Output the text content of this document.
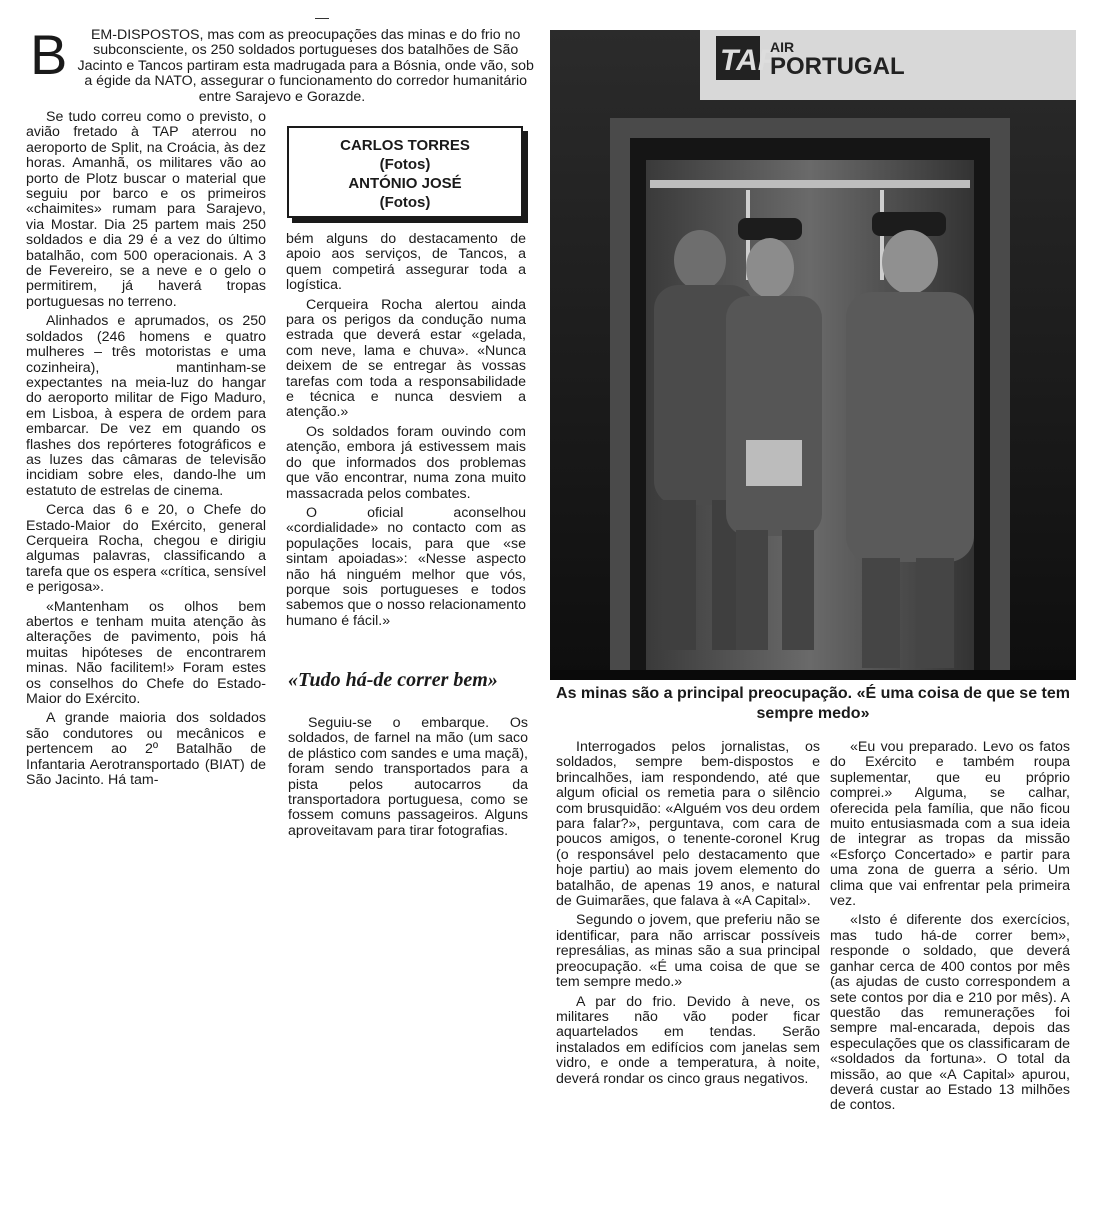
B	EM-DISPOSTOS, mas com as preocupações das minas e do frio no subconsciente, os 250 soldados portugueses dos batalhões de São Jacinto e Tancos partiram esta madrugada para a Bósnia, onde vão, sob a égide da NATO, assegurar o funcionamento do corredor humanitário entre Sarajevo e Gorazde.

Se tudo correu como o previsto, o avião fretado à TAP aterrou no aeroporto de Split, na Croácia, às dez horas. Amanhã, os militares vão ao porto de Plotz buscar o material que seguiu por barco e os primeiros «chaimites» rumam para Sarajevo, via Mostar. Dia 25 partem mais 250 soldados e dia 29 é a vez do último batalhão, com 500 operacionais. A 3 de Fevereiro, se a neve e o gelo o permitirem, já haverá tropas portuguesas no terreno.

Alinhados e aprumados, os 250 soldados (246 homens e quatro mulheres – três motoristas e uma cozinheira), mantinham-se expectantes na meia-luz do hangar do aeroporto militar de Figo Maduro, em Lisboa, à espera de ordem para embarcar. De vez em quando os flashes dos repórteres fotográficos e as luzes das câmaras de televisão incidiam sobre eles, dando-lhe um estatuto de estrelas de cinema.

Cerca das 6 e 20, o Chefe do Estado-Maior do Exército, general Cerqueira Rocha, chegou e dirigiu algumas palavras, classificando a tarefa que os espera «crítica, sensível e perigosa».

«Mantenham os olhos bem abertos e tenham muita atenção às alterações de pavimento, pois há muitas hipóteses de encontrarem minas. Não facilitem!» Foram estes os conselhos do Chefe do Estado-Maior do Exército.

A grande maioria dos soldados são condutores ou mecânicos e pertencem ao 2º Batalhão de Infantaria Aerotransportado (BIAT) de São Jacinto. Há tam-

CARLOS TORRES
(Fotos)
ANTÓNIO JOSÉ
(Fotos)

bém alguns do destacamento de apoio aos serviços, de Tancos, a quem competirá assegurar toda a logística.

Cerqueira Rocha alertou ainda para os perigos da condução numa estrada que deverá estar «gelada, com neve, lama e chuva». «Nunca deixem de se entregar às vossas tarefas com toda a responsabilidade e técnica e nunca desviem a atenção.»

Os soldados foram ouvindo com atenção, embora já estivessem mais do que informados dos problemas que vão encontrar, numa zona muito massacrada pelos combates.

O oficial aconselhou «cordialidade» no contacto com as populações locais, para que «se sintam apoiadas»: «Nesse aspecto não há ninguém melhor que vós, porque sois portugueses e todos sabemos que o nosso relacionamento humano é fácil.»

«Tudo há-de correr bem»

Seguiu-se o embarque. Os soldados, de farnel na mão (um saco de plástico com sandes e uma maçã), foram sendo transportados para a pista pelos autocarros da transportadora portuguesa, como se fossem comuns passageiros. Alguns aproveitavam para tirar fotografias.

TAP
AIR
PORTUGAL
As minas são a principal preocupação. «É uma coisa de que se tem sempre medo»

Interrogados pelos jornalistas, os soldados, sempre bem-dispostos e brincalhões, iam respondendo, até que algum oficial os remetia para o silêncio com brusquidão: «Alguém vos deu ordem para falar?», perguntava, com cara de poucos amigos, o tenente-coronel Krug (o responsável pelo destacamento que hoje partiu) ao mais jovem elemento do batalhão, de apenas 19 anos, e natural de Guimarães, que falava à «A Capital».

Segundo o jovem, que preferiu não se identificar, para não arriscar possíveis represálias, as minas são a sua principal preocupação. «É uma coisa de que se tem sempre medo.»

A par do frio. Devido à neve, os militares não vão poder ficar aquartelados em tendas. Serão instalados em edifícios com janelas sem vidro, e onde a temperatura, à noite, deverá rondar os cinco graus negativos.

«Eu vou preparado. Levo os fatos do Exército e também roupa suplementar, que eu próprio comprei.» Alguma, se calhar, oferecida pela família, que não ficou muito entusiasmada com a sua ideia de integrar as tropas da missão «Esforço Concertado» e partir para uma zona de guerra a sério. Um clima que vai enfrentar pela primeira vez.

«Isto é diferente dos exercícios, mas tudo há-de correr bem», responde o soldado, que deverá ganhar cerca de 400 contos por mês (as ajudas de custo correspondem a sete contos por dia e 210 por mês). A questão das remunerações foi sempre mal-encarada, depois das especulações que os classificaram de «soldados da fortuna». O total da missão, ao que «A Capital» apurou, deverá custar ao Estado 13 milhões de contos.
